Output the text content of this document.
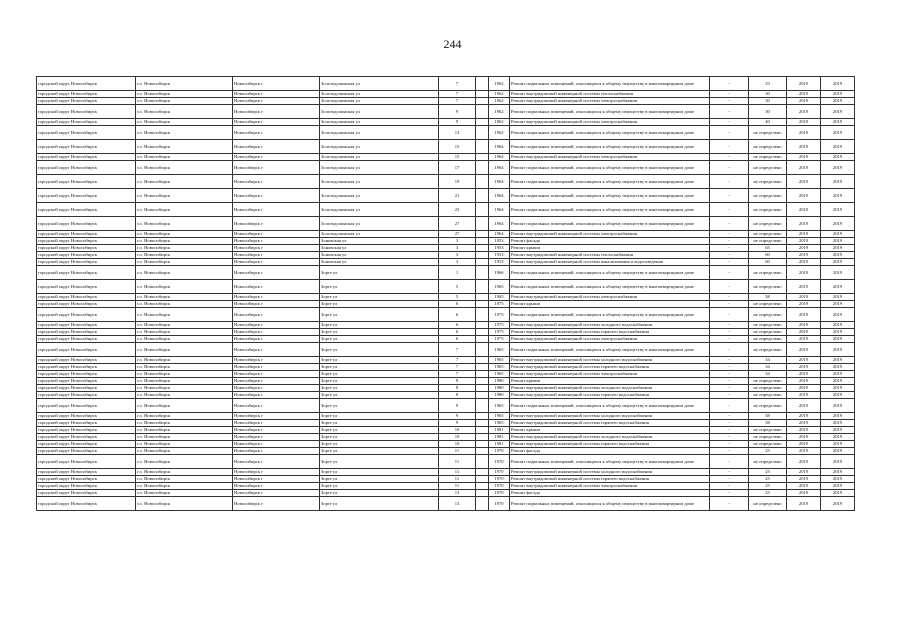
244
городской округ Новосибирск	г.о. Новосибирск	Новосибирск г	Золотодолинская ул	7		1962	Ремонт подвальных помещений, относящихся к общему имуществу в многоквартирном доме	-	33	2019	2019
городской округ Новосибирск	г.о. Новосибирск	Новосибирск г	Золотодолинская ул	7		1962	Ремонт внутридомовой инженерной системы теплоснабжения	-	30	2019	2019
городской округ Новосибирск	г.о. Новосибирск	Новосибирск г	Золотодолинская ул	7		1962	Ремонт внутридомовой инженерной системы электроснабжения	-	30	2019	2019
городской округ Новосибирск	г.о. Новосибирск	Новосибирск г	Золотодолинская ул	9		1962	Ремонт подвальных помещений, относящихся к общему имуществу в многоквартирном доме	-	30	2019	2019
городской округ Новосибирск	г.о. Новосибирск	Новосибирск г	Золотодолинская ул	9		1962	Ремонт внутридомовой инженерной системы электроснабжения	-	40	2019	2019
городской округ Новосибирск	г.о. Новосибирск	Новосибирск г	Золотодолинская ул	13		1962	Ремонт подвальных помещений, относящихся к общему имуществу в многоквартирном доме	-	не определено	2019	2019
городской округ Новосибирск	г.о. Новосибирск	Новосибирск г	Золотодолинская ул	15		1964	Ремонт подвальных помещений, относящихся к общему имуществу в многоквартирном доме	-	не определено	2019	2019
городской округ Новосибирск	г.о. Новосибирск	Новосибирск г	Золотодолинская ул	15		1964	Ремонт внутридомовой инженерной системы электроснабжения	-	не определено	2019	2019
городской округ Новосибирск	г.о. Новосибирск	Новосибирск г	Золотодолинская ул	17		1964	Ремонт подвальных помещений, относящихся к общему имуществу в многоквартирном доме	-	не определено	2019	2019
городской округ Новосибирск	г.о. Новосибирск	Новосибирск г	Золотодолинская ул	19		1964	Ремонт подвальных помещений, относящихся к общему имуществу в многоквартирном доме	-	не определено	2019	2019
городской округ Новосибирск	г.о. Новосибирск	Новосибирск г	Золотодолинская ул	21		1964	Ремонт подвальных помещений, относящихся к общему имуществу в многоквартирном доме	-	не определено	2019	2019
городской округ Новосибирск	г.о. Новосибирск	Новосибирск г	Золотодолинская ул	23		1964	Ремонт подвальных помещений, относящихся к общему имуществу в многоквартирном доме	-	не определено	2019	2019
городской округ Новосибирск	г.о. Новосибирск	Новосибирск г	Золотодолинская ул	27		1964	Ремонт подвальных помещений, относящихся к общему имуществу в многоквартирном доме	-	не определено	2019	2019
городской округ Новосибирск	г.о. Новосибирск	Новосибирск г	Золотодолинская ул	27		1964	Ремонт внутридомовой инженерной системы электроснабжения	-	не определено	2019	2019
городской округ Новосибирск	г.о. Новосибирск	Новосибирск г	Зоновская ул	3		1953	Ремонт фасада	-	не определено	2019	2019
городской округ Новосибирск	г.о. Новосибирск	Новосибирск г	Зоновская ул	3		1953	Ремонт крыши	-	65	2019	2019
городской округ Новосибирск	г.о. Новосибирск	Новосибирск г	Зоновская ул	3		1953	Ремонт внутридомовой инженерной системы теплоснабжения	-	60	2019	2019
городской округ Новосибирск	г.о. Новосибирск	Новосибирск г	Зоновская ул	3		1953	Ремонт внутридомовой инженерной системы канализования и водоотведения	-	60	2019	2019
городской округ Новосибирск	г.о. Новосибирск	Новосибирск г	Зорге ул	1		1966	Ремонт подвальных помещений, относящихся к общему имуществу в многоквартирном доме	-	не определено	2019	2019
городской округ Новосибирск	г.о. Новосибирск	Новосибирск г	Зорге ул	5		1965	Ремонт подвальных помещений, относящихся к общему имуществу в многоквартирном доме	-	не определено	2019	2019
городской округ Новосибирск	г.о. Новосибирск	Новосибирск г	Зорге ул	5		1965	Ремонт внутридомовой инженерной системы электроснабжения	-	38	2019	2019
городской округ Новосибирск	г.о. Новосибирск	Новосибирск г	Зорге ул	6		1975	Ремонт крыши	-	не определено	2019	2019
городской округ Новосибирск	г.о. Новосибирск	Новосибирск г	Зорге ул	6		1975	Ремонт подвальных помещений, относящихся к общему имуществу в многоквартирном доме	-	не определено	2019	2019
городской округ Новосибирск	г.о. Новосибирск	Новосибирск г	Зорге ул	6		1975	Ремонт внутридомовой инженерной системы холодного водоснабжения	-	не определено	2019	2019
городской округ Новосибирск	г.о. Новосибирск	Новосибирск г	Зорге ул	6		1975	Ремонт внутридомовой инженерной системы горячего водоснабжения	-	не определено	2019	2019
городской округ Новосибирск	г.о. Новосибирск	Новосибирск г	Зорге ул	6		1975	Ремонт внутридомовой инженерной системы электроснабжения	-	не определено	2019	2019
городской округ Новосибирск	г.о. Новосибирск	Новосибирск г	Зорге ул	7		1965	Ремонт подвальных помещений, относящихся к общему имуществу в многоквартирном доме	-	не определено	2019	2019
городской округ Новосибирск	г.о. Новосибирск	Новосибирск г	Зорге ул	7		1965	Ремонт внутридомовой инженерной системы холодного водоснабжения	-	34	2019	2019
городской округ Новосибирск	г.о. Новосибирск	Новосибирск г	Зорге ул	7		1965	Ремонт внутридомовой инженерной системы горячего водоснабжения	-	34	2019	2019
городской округ Новосибирск	г.о. Новосибирск	Новосибирск г	Зорге ул	7		1965	Ремонт внутридомовой инженерной системы электроснабжения	-	34	2019	2019
городской округ Новосибирск	г.о. Новосибирск	Новосибирск г	Зорге ул	8		1980	Ремонт крыши	-	не определено	2019	2019
городской округ Новосибирск	г.о. Новосибирск	Новосибирск г	Зорге ул	8		1980	Ремонт внутридомовой инженерной системы холодного водоснабжения	-	не определено	2019	2019
городской округ Новосибирск	г.о. Новосибирск	Новосибирск г	Зорге ул	8		1980	Ремонт внутридомовой инженерной системы горячего водоснабжения	-	не определено	2019	2019
городской округ Новосибирск	г.о. Новосибирск	Новосибирск г	Зорге ул	9		1965	Ремонт подвальных помещений, относящихся к общему имуществу в многоквартирном доме	-	не определено	2019	2019
городской округ Новосибирск	г.о. Новосибирск	Новосибирск г	Зорге ул	9		1965	Ремонт внутридомовой инженерной системы холодного водоснабжения	-	38	2019	2019
городской округ Новосибирск	г.о. Новосибирск	Новосибирск г	Зорге ул	9		1965	Ремонт внутридомовой инженерной системы горячего водоснабжения	-	38	2019	2019
городской округ Новосибирск	г.о. Новосибирск	Новосибирск г	Зорге ул	10		1981	Ремонт крыши	-	не определено	2019	2019
городской округ Новосибирск	г.о. Новосибирск	Новосибирск г	Зорге ул	10		1981	Ремонт внутридомовой инженерной системы холодного водоснабжения	-	не определено	2019	2019
городской округ Новосибирск	г.о. Новосибирск	Новосибирск г	Зорге ул	10		1981	Ремонт внутридомовой инженерной системы горячего водоснабжения	-	не определено	2019	2019
городской округ Новосибирск	г.о. Новосибирск	Новосибирск г	Зорге ул	11		1970	Ремонт фасада	-	25	2019	2019
городской округ Новосибирск	г.о. Новосибирск	Новосибирск г	Зорге ул	11		1970	Ремонт подвальных помещений, относящихся к общему имуществу в многоквартирном доме	-	не определено	2019	2019
городской округ Новосибирск	г.о. Новосибирск	Новосибирск г	Зорге ул	11		1970	Ремонт внутридомовой инженерной системы холодного водоснабжения	-	25	2019	2019
городской округ Новосибирск	г.о. Новосибирск	Новосибирск г	Зорге ул	11		1970	Ремонт внутридомовой инженерной системы горячего водоснабжения	-	25	2019	2019
городской округ Новосибирск	г.о. Новосибирск	Новосибирск г	Зорге ул	11		1970	Ремонт внутридомовой инженерной системы электроснабжения	-	25	2019	2019
городской округ Новосибирск	г.о. Новосибирск	Новосибирск г	Зорге ул	13		1970	Ремонт фасада	-	25	2019	2019
городской округ Новосибирск	г.о. Новосибирск	Новосибирск г	Зорге ул	13		1970	Ремонт подвальных помещений, относящихся к общему имуществу в многоквартирном доме	-	не определено	2019	2019
